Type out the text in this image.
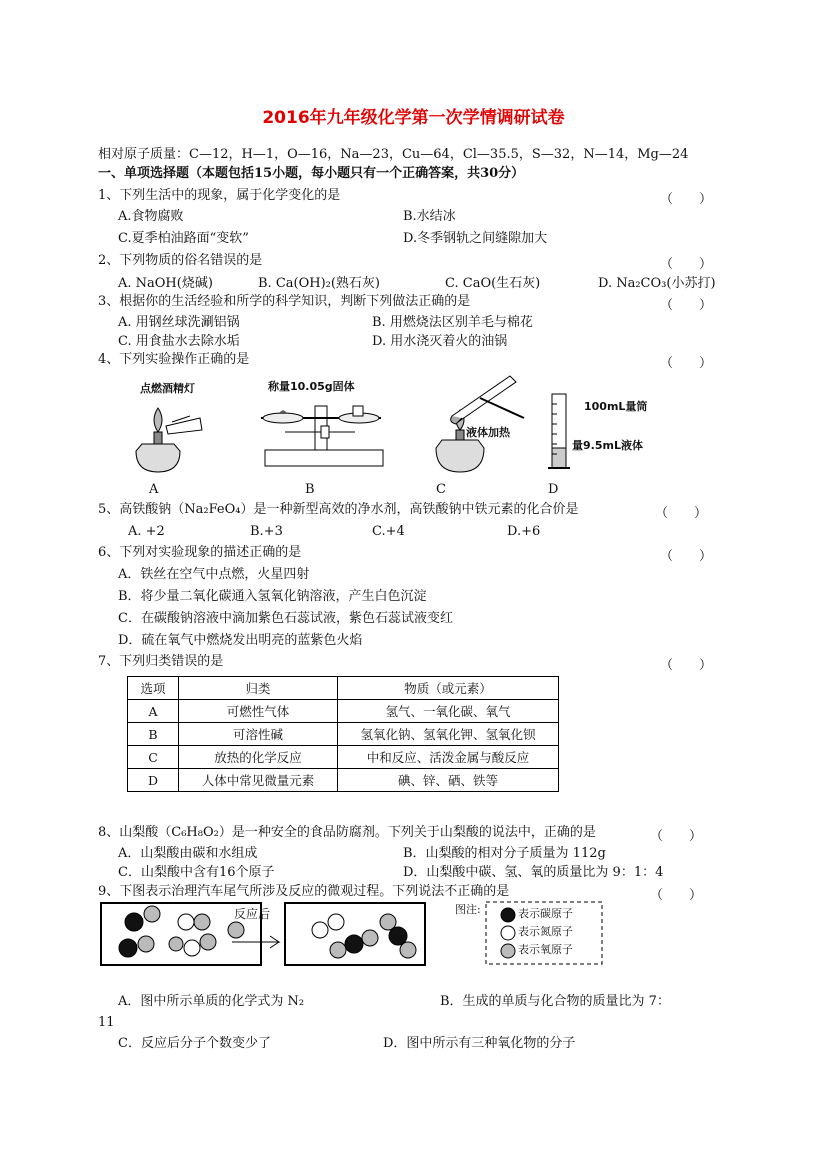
2016年九年级化学第一次学情调研试卷
相对原子质量：C—12，H—1，O—16，Na—23，Cu—64，Cl—35.5，S—32，N—14，Mg—24
一、单项选择题（本题包括15小题，每小题只有一个正确答案，共30分）
1、下列生活中的现象，属于化学变化的是	（　　）
A.食物腐败	B.水结冰
C.夏季柏油路面“变软”	D.冬季钢轨之间缝隙加大
2、下列物质的俗名错误的是	（　　）
A. NaOH(烧碱)	B. Ca(OH)₂(熟石灰)	C. CaO(生石灰)	D. Na₂CO₃(小苏打)
3、根据你的生活经验和所学的科学知识，判断下列做法正确的是	（　　）
A. 用钢丝球洗涮铝锅	B. 用燃烧法区别羊毛与棉花
C. 用食盐水去除水垢	D. 用水浇灭着火的油锅
4、下列实验操作正确的是	（　　）
点燃酒精灯
A
称量10.05g固体
B
液体加热
C
100mL量筒
量9.5mL液体
D
5、高铁酸钠（Na₂FeO₄）是一种新型高效的净水剂，高铁酸钠中铁元素的化合价是	（　　）
A. +2	B.+3	C.+4	D.+6
6、下列对实验现象的描述正确的是	（　　）
A．铁丝在空气中点燃，火星四射
B．将少量二氧化碳通入氢氧化钠溶液，产生白色沉淀
C．在碳酸钠溶液中滴加紫色石蕊试液，紫色石蕊试液变红
D．硫在氧气中燃烧发出明亮的蓝紫色火焰
7、下列归类错误的是	（　　）
选项	归类	物质（或元素）
A	可燃性气体	氢气、一氧化碳、氧气
B	可溶性碱	氢氧化钠、氢氧化钾、氢氧化钡
C	放热的化学反应	中和反应、活泼金属与酸反应
D	人体中常见微量元素	碘、锌、硒、铁等
8、山梨酸（C₆H₈O₂）是一种安全的食品防腐剂。下列关于山梨酸的说法中，正确的是	（　　）
A．山梨酸由碳和水组成	B．山梨酸的相对分子质量为 112g
C．山梨酸中含有16个原子	D．山梨酸中碳、氢、氧的质量比为 9：1：4
9、下图表示治理汽车尾气所涉及反应的微观过程。下列说法不正确的是	（　　）
反应后	图注:	表示碳原子
表示氮原子
表示氧原子
A．图中所示单质的化学式为 N₂	B．生成的单质与化合物的质量比为 7：
11
C．反应后分子个数变少了	D．图中所示有三种氧化物的分子
